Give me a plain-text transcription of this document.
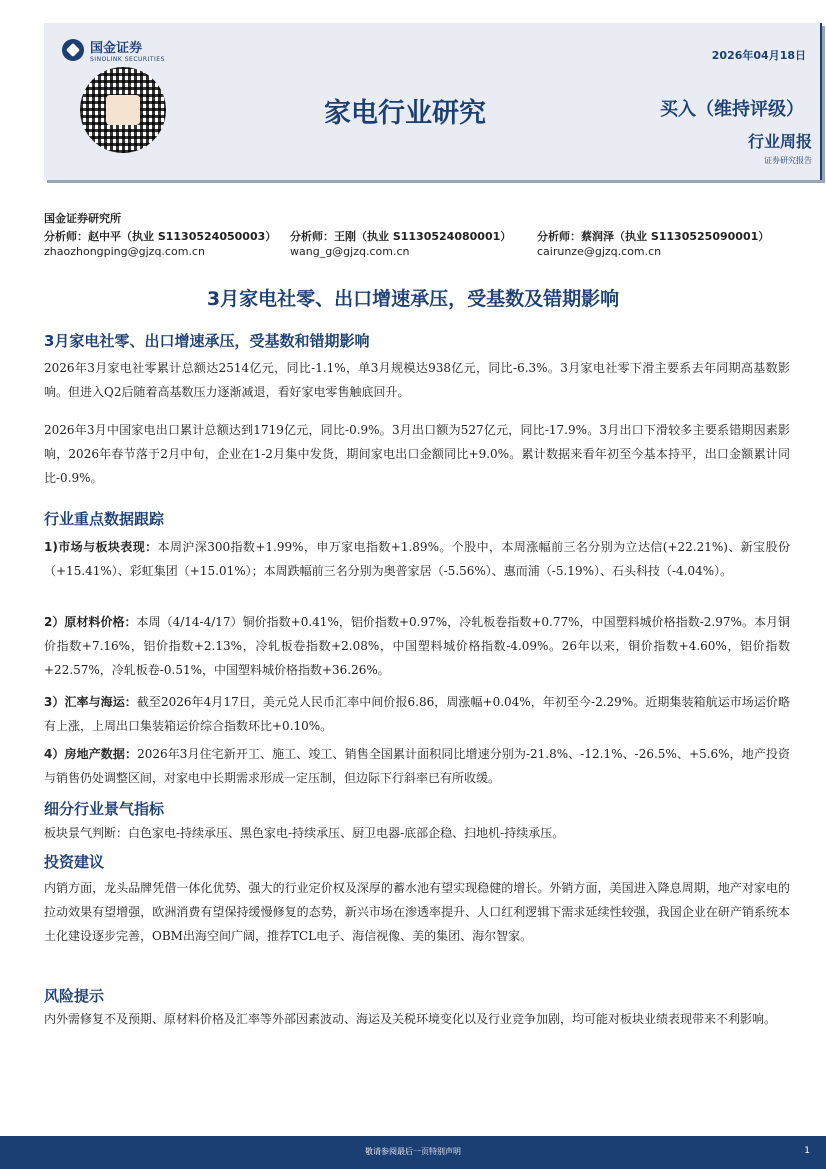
国金证券
SINOLINK SECURITIES
家电行业研究
2026年04月18日
买入（维持评级）
行业周报
证券研究报告
国金证券研究所
分析师：赵中平（执业 S1130524050003） 分析师：王刚（执业 S1130524080001） 分析师：蔡润泽（执业 S1130525090001）
zhaozhongping@gjzq.com.cn	wang_g@gjzq.com.cn	cairunze@gjzq.com.cn
3月家电社零、出口增速承压，受基数及错期影响
3月家电社零、出口增速承压，受基数和错期影响
2026年3月家电社零累计总额达2514亿元，同比-1.1%，单3月规模达938亿元，同比-6.3%。3月家电社零下滑主要系去年同期高基数影响。但进入Q2后随着高基数压力逐渐减退，看好家电零售触底回升。
2026年3月中国家电出口累计总额达到1719亿元，同比-0.9%。3月出口额为527亿元，同比-17.9%。3月出口下滑较多主要系错期因素影响，2026年春节落于2月中旬，企业在1-2月集中发货，期间家电出口金额同比+9.0%。累计数据来看年初至今基本持平，出口金额累计同比-0.9%。
行业重点数据跟踪
1)市场与板块表现：本周沪深300指数+1.99%，申万家电指数+1.89%。个股中，本周涨幅前三名分别为立达信(+22.21%)、新宝股份（+15.41%）、彩虹集团（+15.01%）；本周跌幅前三名分别为奥普家居（-5.56%）、惠而浦（-5.19%）、石头科技（-4.04%）。
2）原材料价格：本周（4/14-4/17）铜价指数+0.41%，铝价指数+0.97%，冷轧板卷指数+0.77%，中国塑料城价格指数-2.97%。本月铜价指数+7.16%，铝价指数+2.13%，冷轧板卷指数+2.08%，中国塑料城价格指数-4.09%。26年以来，铜价指数+4.60%，铝价指数+22.57%，冷轧板卷-0.51%，中国塑料城价格指数+36.26%。
3）汇率与海运：截至2026年4月17日，美元兑人民币汇率中间价报6.86，周涨幅+0.04%，年初至今-2.29%。近期集装箱航运市场运价略有上涨，上周出口集装箱运价综合指数环比+0.10%。
4）房地产数据：2026年3月住宅新开工、施工、竣工、销售全国累计面积同比增速分别为-21.8%、-12.1%、-26.5%、+5.6%，地产投资与销售仍处调整区间，对家电中长期需求形成一定压制，但边际下行斜率已有所收缓。
细分行业景气指标
板块景气判断：白色家电-持续承压、黑色家电-持续承压、厨卫电器-底部企稳、扫地机-持续承压。
投资建议
内销方面，龙头品牌凭借一体化优势、强大的行业定价权及深厚的蓄水池有望实现稳健的增长。外销方面，美国进入降息周期，地产对家电的拉动效果有望增强，欧洲消费有望保持缓慢修复的态势，新兴市场在渗透率提升、人口红利逻辑下需求延续性较强，我国企业在研产销系统本土化建设逐步完善，OBM出海空间广阔，推荐TCL电子、海信视像、美的集团、海尔智家。
风险提示
内外需修复不及预期、原材料价格及汇率等外部因素波动、海运及关税环境变化以及行业竞争加剧，均可能对板块业绩表现带来不利影响。
敬请参阅最后一页特别声明	1
